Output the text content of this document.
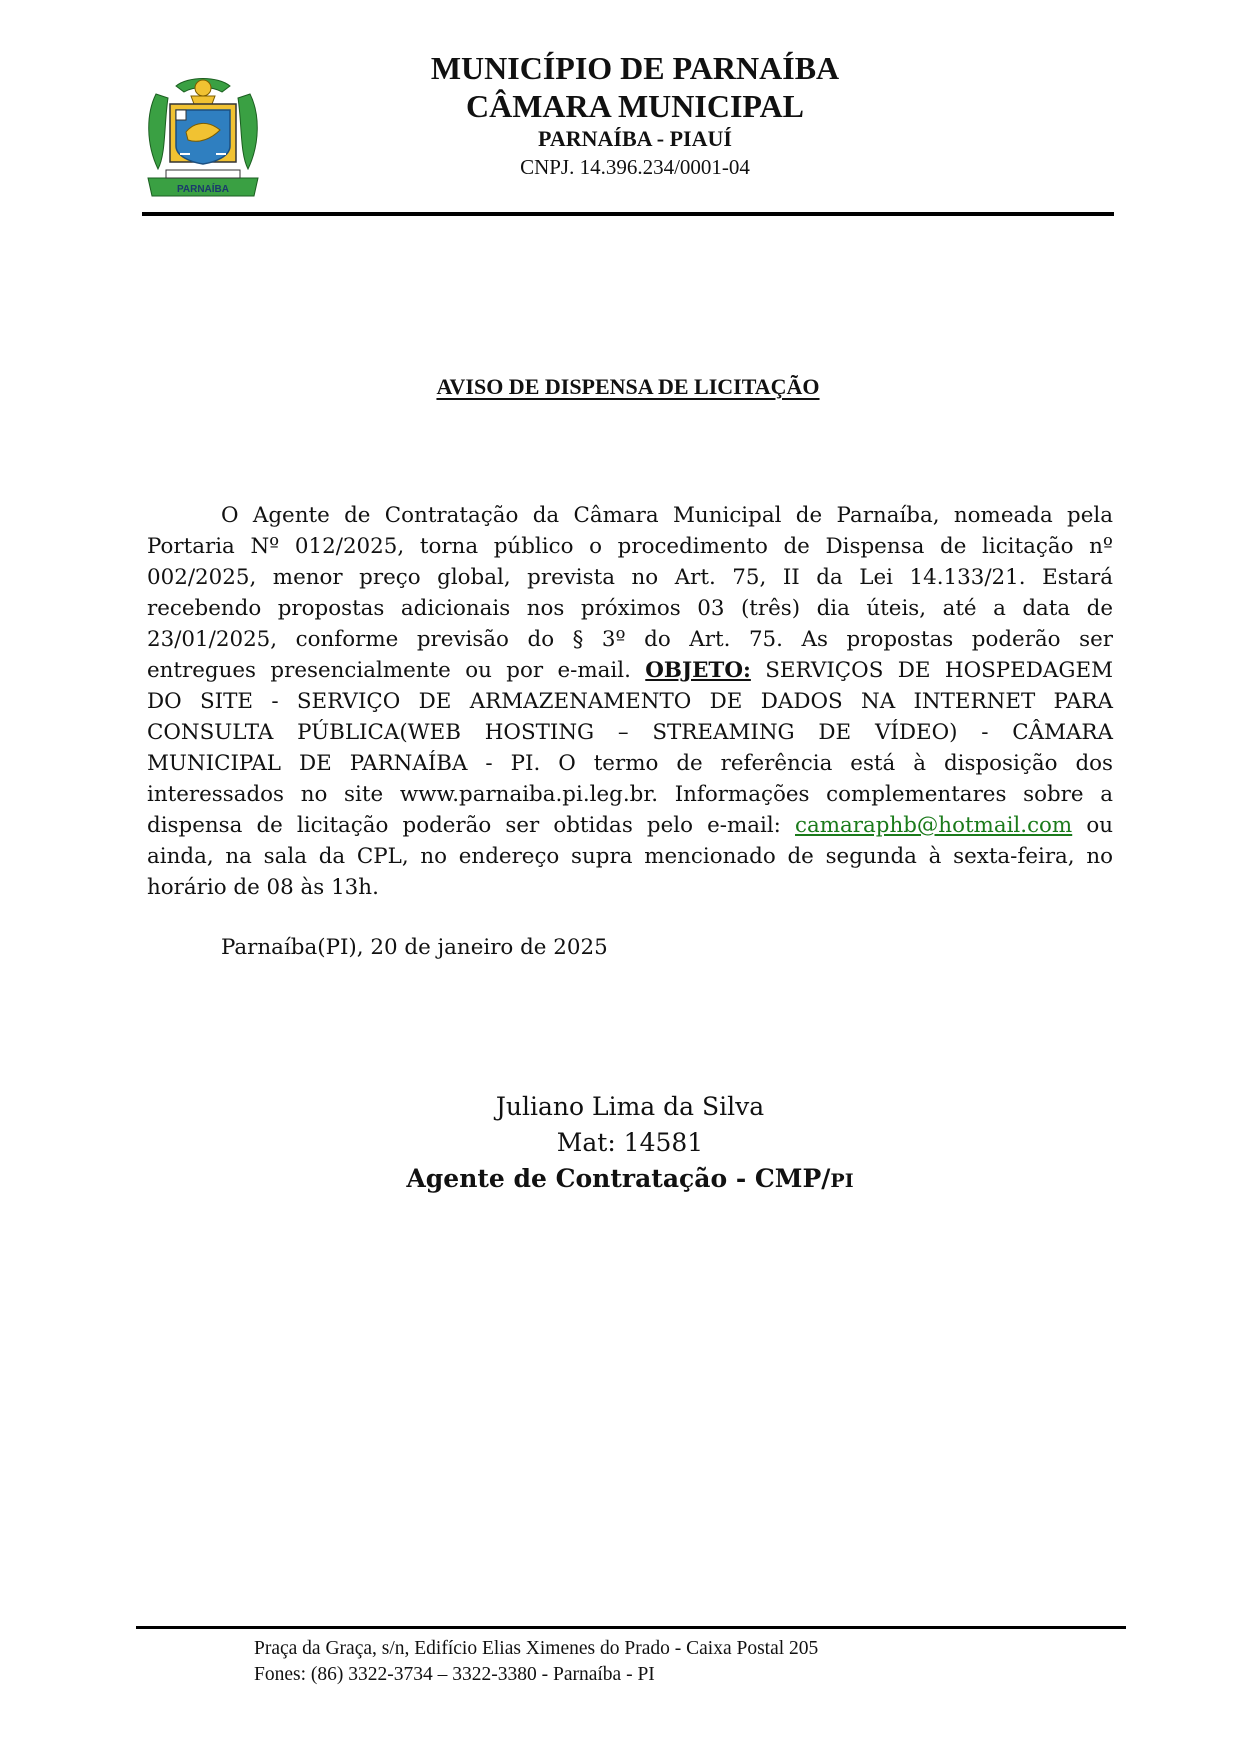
PARNAÍBA
MUNICÍPIO DE PARNAÍBA
CÂMARA MUNICIPAL
PARNAÍBA - PIAUÍ
CNPJ. 14.396.234/0001-04
AVISO DE DISPENSA DE LICITAÇÃO
O Agente de Contratação da Câmara Municipal de Parnaíba, nomeada pela
Portaria Nº 012/2025, torna público o procedimento de Dispensa de licitação nº
002/2025, menor preço global, prevista no Art. 75, II da Lei 14.133/21. Estará
recebendo propostas adicionais nos próximos 03 (três) dia úteis, até a data de
23/01/2025, conforme previsão do § 3º do Art. 75. As propostas poderão ser
entregues presencialmente ou por e-mail. OBJETO: SERVIÇOS DE HOSPEDAGEM
DO SITE - SERVIÇO DE ARMAZENAMENTO DE DADOS NA INTERNET PARA
CONSULTA PÚBLICA(WEB HOSTING – STREAMING DE VÍDEO) - CÂMARA
MUNICIPAL DE PARNAÍBA - PI. O termo de referência está à disposição dos
interessados no site www.parnaiba.pi.leg.br. Informações complementares sobre a
dispensa de licitação poderão ser obtidas pelo e-mail: camaraphb@hotmail.com ou
ainda, na sala da CPL, no endereço supra mencionado de segunda à sexta-feira, no
horário de 08 às 13h.
Parnaíba(PI), 20 de janeiro de 2025
Juliano Lima da Silva
Mat: 14581
Agente de Contratação - CMP/PI
Praça da Graça, s/n, Edifício Elias Ximenes do Prado - Caixa Postal 205
Fones: (86) 3322-3734 – 3322-3380 - Parnaíba - PI
